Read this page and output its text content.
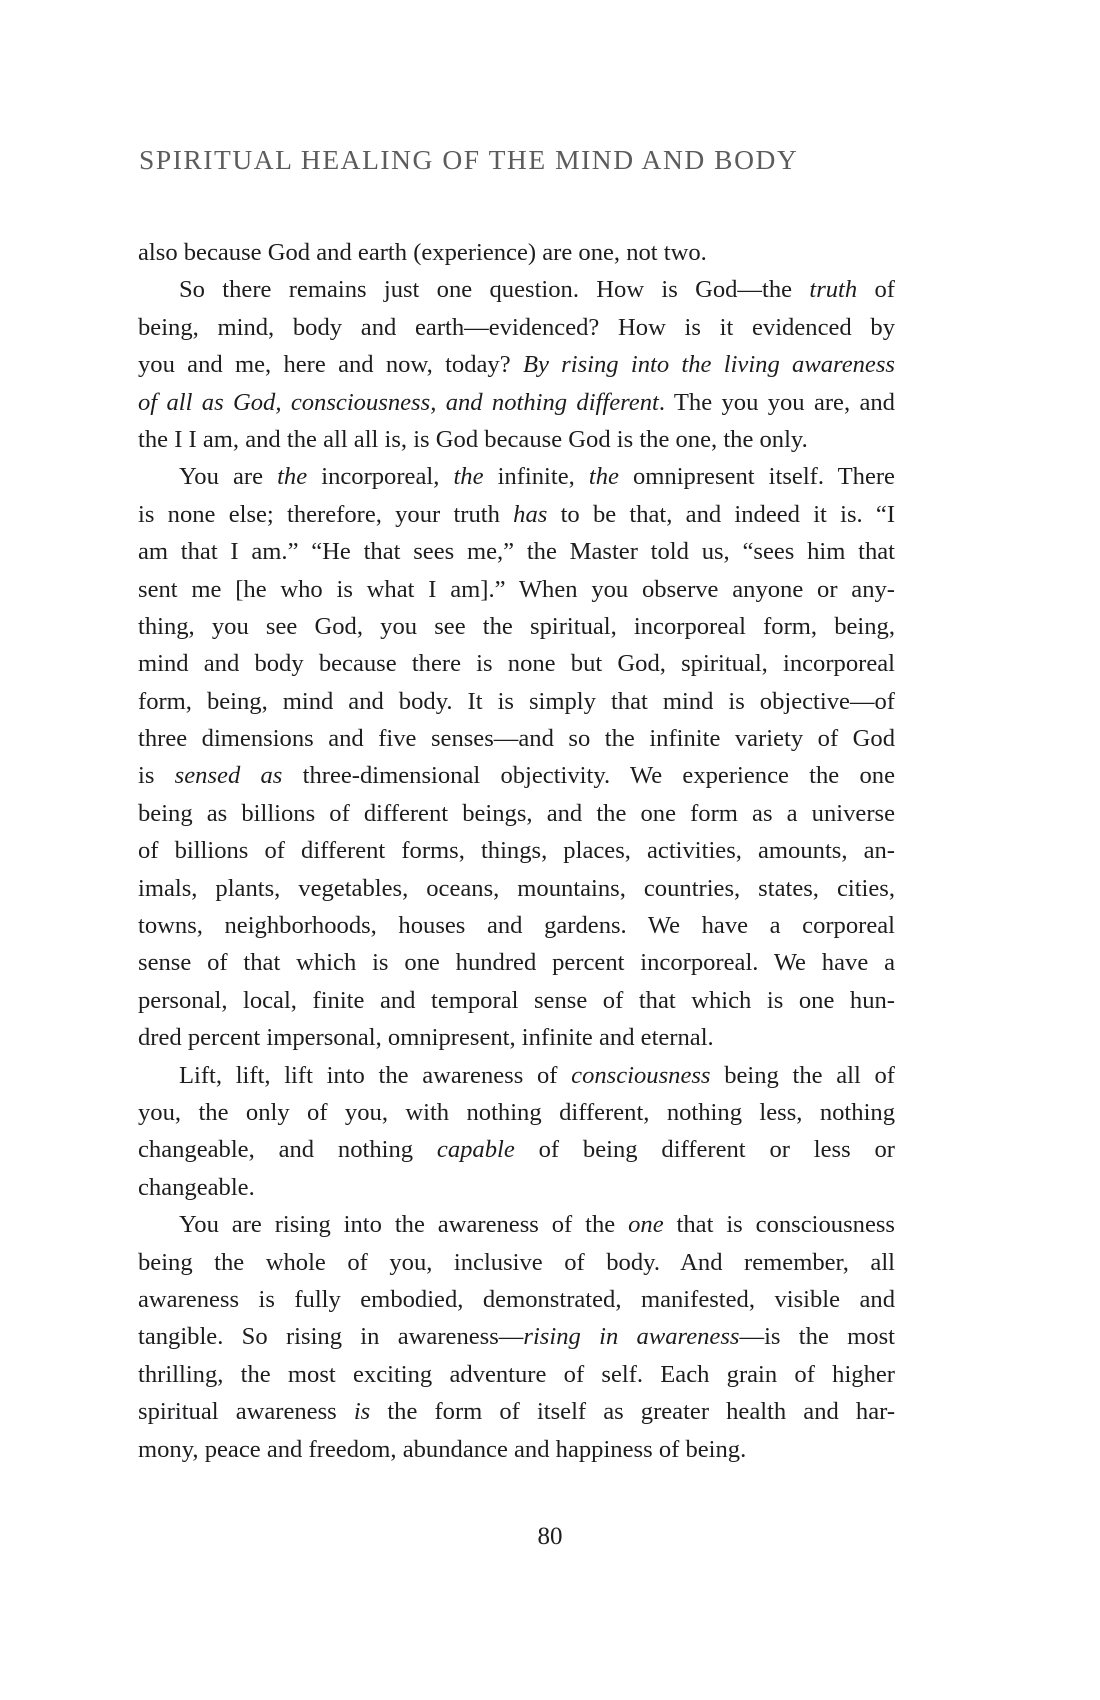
SPIRITUAL HEALING OF THE MIND AND BODY
also because God and earth (experience) are one, not two.
So there remains just one question. How is God—the truth of
being, mind, body and earth—evidenced? How is it evidenced by
you and me, here and now, today? By rising into the living awareness
of all as God, consciousness, and nothing different. The you you are, and
the I I am, and the all all is, is God because God is the one, the only.
You are the incorporeal, the infinite, the omnipresent itself. There
is none else; therefore, your truth has to be that, and indeed it is. “I
am that I am.” “He that sees me,” the Master told us, “sees him that
sent me [he who is what I am].” When you observe anyone or any-
thing, you see God, you see the spiritual, incorporeal form, being,
mind and body because there is none but God, spiritual, incorporeal
form, being, mind and body. It is simply that mind is objective—of
three dimensions and five senses—and so the infinite variety of God
is sensed as three-dimensional objectivity. We experience the one
being as billions of different beings, and the one form as a universe
of billions of different forms, things, places, activities, amounts, an-
imals, plants, vegetables, oceans, mountains, countries, states, cities,
towns, neighborhoods, houses and gardens. We have a corporeal
sense of that which is one hundred percent incorporeal. We have a
personal, local, finite and temporal sense of that which is one hun-
dred percent impersonal, omnipresent, infinite and eternal.
Lift, lift, lift into the awareness of consciousness being the all of
you, the only of you, with nothing different, nothing less, nothing
changeable, and nothing capable of being different or less or
changeable.
You are rising into the awareness of the one that is consciousness
being the whole of you, inclusive of body. And remember, all
awareness is fully embodied, demonstrated, manifested, visible and
tangible. So rising in awareness—rising in awareness—is the most
thrilling, the most exciting adventure of self. Each grain of higher
spiritual awareness is the form of itself as greater health and har-
mony, peace and freedom, abundance and happiness of being.
80
